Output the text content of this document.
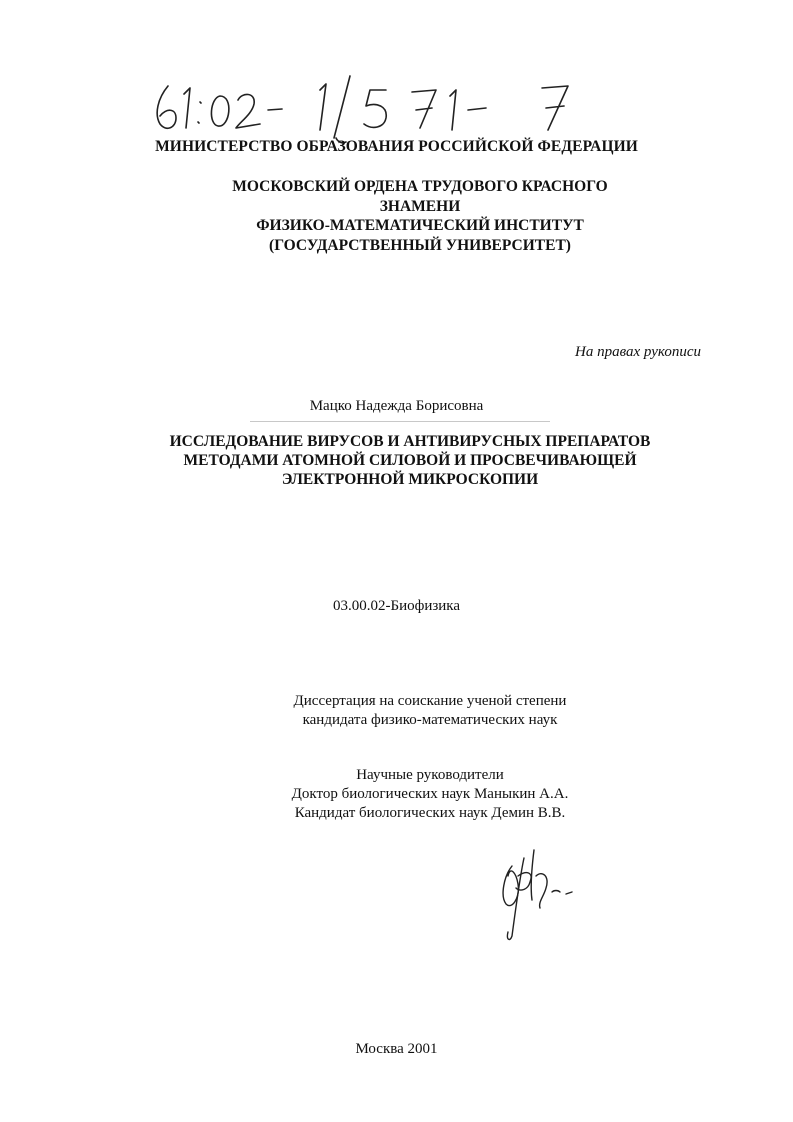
МИНИСТЕРСТВО ОБРАЗОВАНИЯ РОССИЙСКОЙ ФЕДЕРАЦИИ
МОСКОВСКИЙ ОРДЕНА ТРУДОВОГО КРАСНОГО ЗНАМЕНИ
ФИЗИКО-МАТЕМАТИЧЕСКИЙ ИНСТИТУТ
(ГОСУДАРСТВЕННЫЙ УНИВЕРСИТЕТ)
На правах рукописи
Мацко Надежда Борисовна
ИССЛЕДОВАНИЕ ВИРУСОВ И АНТИВИРУСНЫХ ПРЕПАРАТОВ
МЕТОДАМИ АТОМНОЙ СИЛОВОЙ И ПРОСВЕЧИВАЮЩЕЙ
ЭЛЕКТРОННОЙ МИКРОСКОПИИ
03.00.02-Биофизика
Диссертация на соискание ученой степени
кандидата физико-математических наук
Научные руководители
Доктор биологических наук Маныкин А.А.
Кандидат биологических наук Демин В.В.
Москва 2001
